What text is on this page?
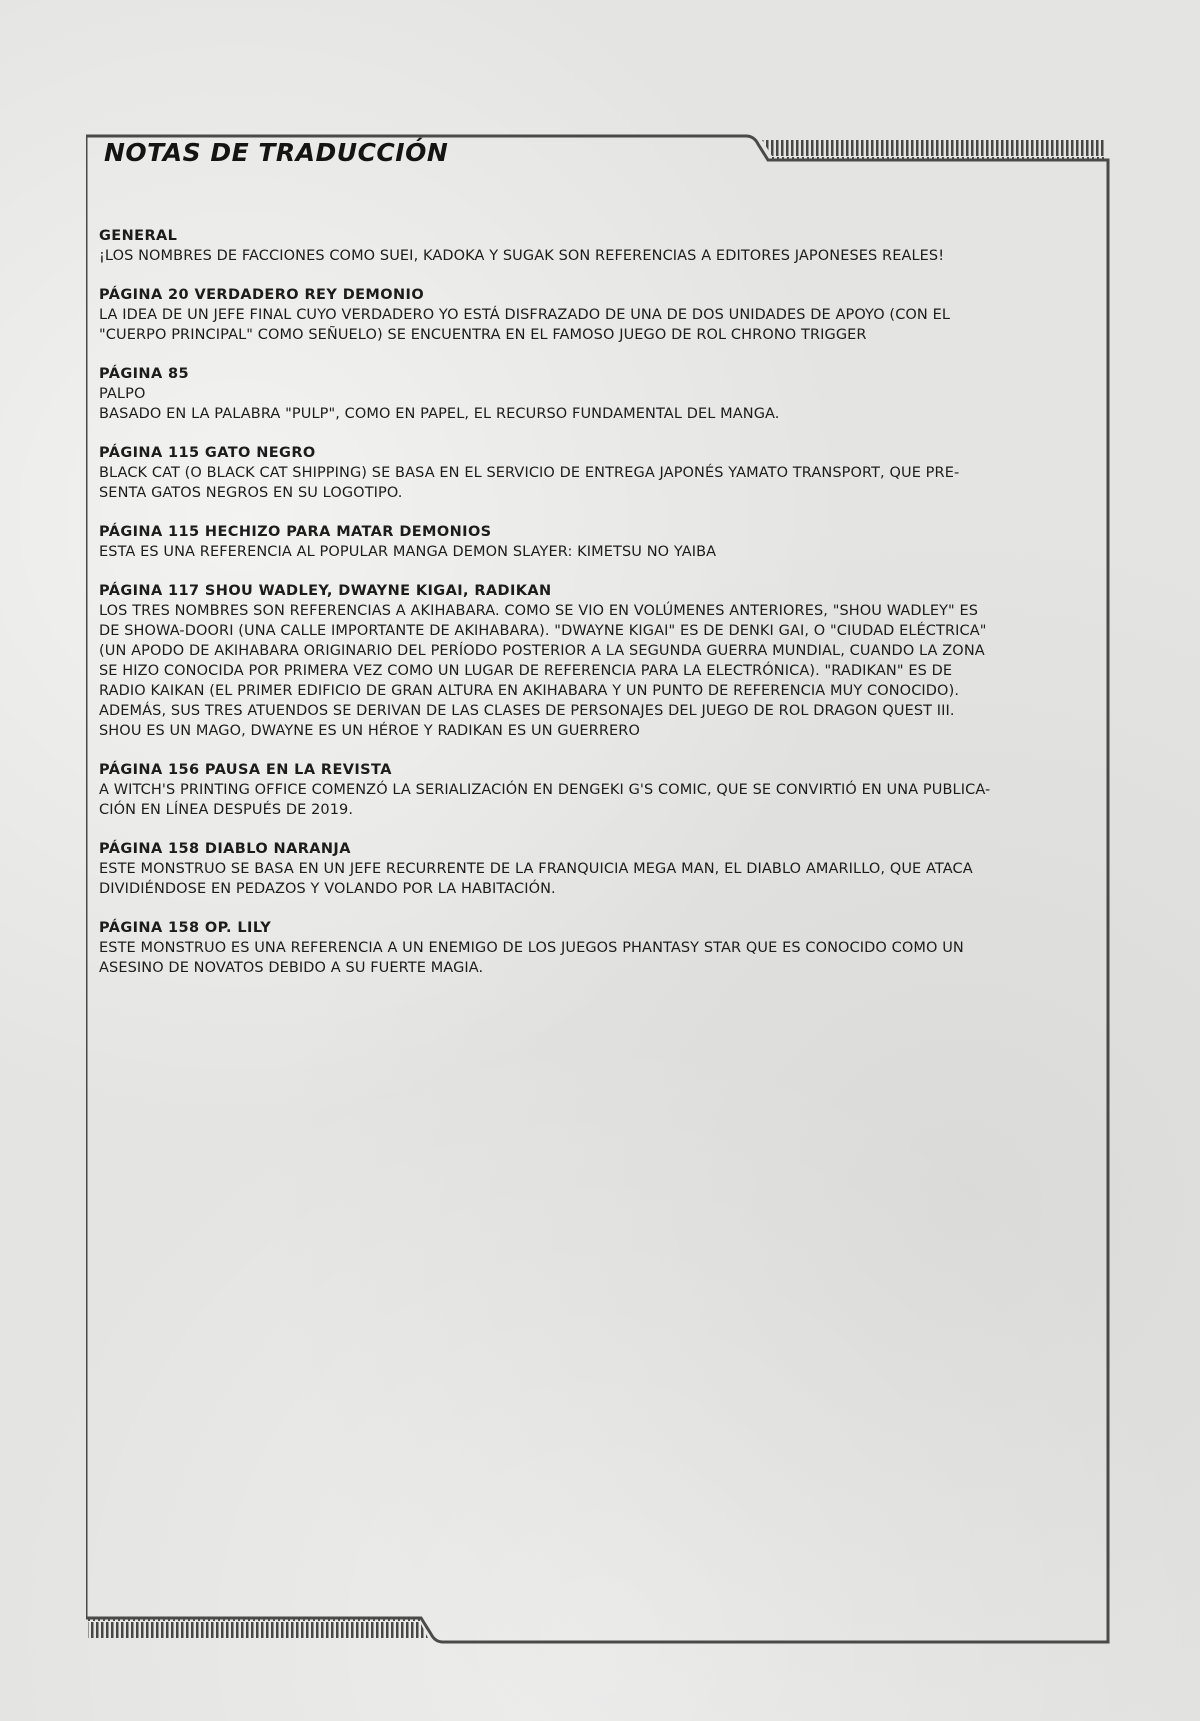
NOTAS DE TRADUCCIÓN
GENERAL
¡LOS NOMBRES DE FACCIONES COMO SUEI, KADOKA Y SUGAK SON REFERENCIAS A EDITORES JAPONESES REALES!
PÁGINA 20 VERDADERO REY DEMONIO
LA IDEA DE UN JEFE FINAL CUYO VERDADERO YO ESTÁ DISFRAZADO DE UNA DE DOS UNIDADES DE APOYO (CON EL
"CUERPO PRINCIPAL" COMO SEÑUELO) SE ENCUENTRA EN EL FAMOSO JUEGO DE ROL CHRONO TRIGGER
PÁGINA 85
PALPO
BASADO EN LA PALABRA "PULP", COMO EN PAPEL, EL RECURSO FUNDAMENTAL DEL MANGA.
PÁGINA 115 GATO NEGRO
BLACK CAT (O BLACK CAT SHIPPING) SE BASA EN EL SERVICIO DE ENTREGA JAPONÉS YAMATO TRANSPORT, QUE PRE-
SENTA GATOS NEGROS EN SU LOGOTIPO.
PÁGINA 115 HECHIZO PARA MATAR DEMONIOS
ESTA ES UNA REFERENCIA AL POPULAR MANGA DEMON SLAYER: KIMETSU NO YAIBA
PÁGINA 117 SHOU WADLEY, DWAYNE KIGAI, RADIKAN
LOS TRES NOMBRES SON REFERENCIAS A AKIHABARA. COMO SE VIO EN VOLÚMENES ANTERIORES, "SHOU WADLEY" ES
DE SHOWA-DOORI (UNA CALLE IMPORTANTE DE AKIHABARA). "DWAYNE KIGAI" ES DE DENKI GAI, O "CIUDAD ELÉCTRICA"
(UN APODO DE AKIHABARA ORIGINARIO DEL PERÍODO POSTERIOR A LA SEGUNDA GUERRA MUNDIAL, CUANDO LA ZONA
SE HIZO CONOCIDA POR PRIMERA VEZ COMO UN LUGAR DE REFERENCIA PARA LA ELECTRÓNICA). "RADIKAN" ES DE
RADIO KAIKAN (EL PRIMER EDIFICIO DE GRAN ALTURA EN AKIHABARA Y UN PUNTO DE REFERENCIA MUY CONOCIDO).
ADEMÁS, SUS TRES ATUENDOS SE DERIVAN DE LAS CLASES DE PERSONAJES DEL JUEGO DE ROL DRAGON QUEST III.
SHOU ES UN MAGO, DWAYNE ES UN HÉROE Y RADIKAN ES UN GUERRERO
PÁGINA 156 PAUSA EN LA REVISTA
A WITCH'S PRINTING OFFICE COMENZÓ LA SERIALIZACIÓN EN DENGEKI G'S COMIC, QUE SE CONVIRTIÓ EN UNA PUBLICA-
CIÓN EN LÍNEA DESPUÉS DE 2019.
PÁGINA 158 DIABLO NARANJA
ESTE MONSTRUO SE BASA EN UN JEFE RECURRENTE DE LA FRANQUICIA MEGA MAN, EL DIABLO AMARILLO, QUE ATACA
DIVIDIÉNDOSE EN PEDAZOS Y VOLANDO POR LA HABITACIÓN.
PÁGINA 158 OP. LILY
ESTE MONSTRUO ES UNA REFERENCIA A UN ENEMIGO DE LOS JUEGOS PHANTASY STAR QUE ES CONOCIDO COMO UN
ASESINO DE NOVATOS DEBIDO A SU FUERTE MAGIA.
